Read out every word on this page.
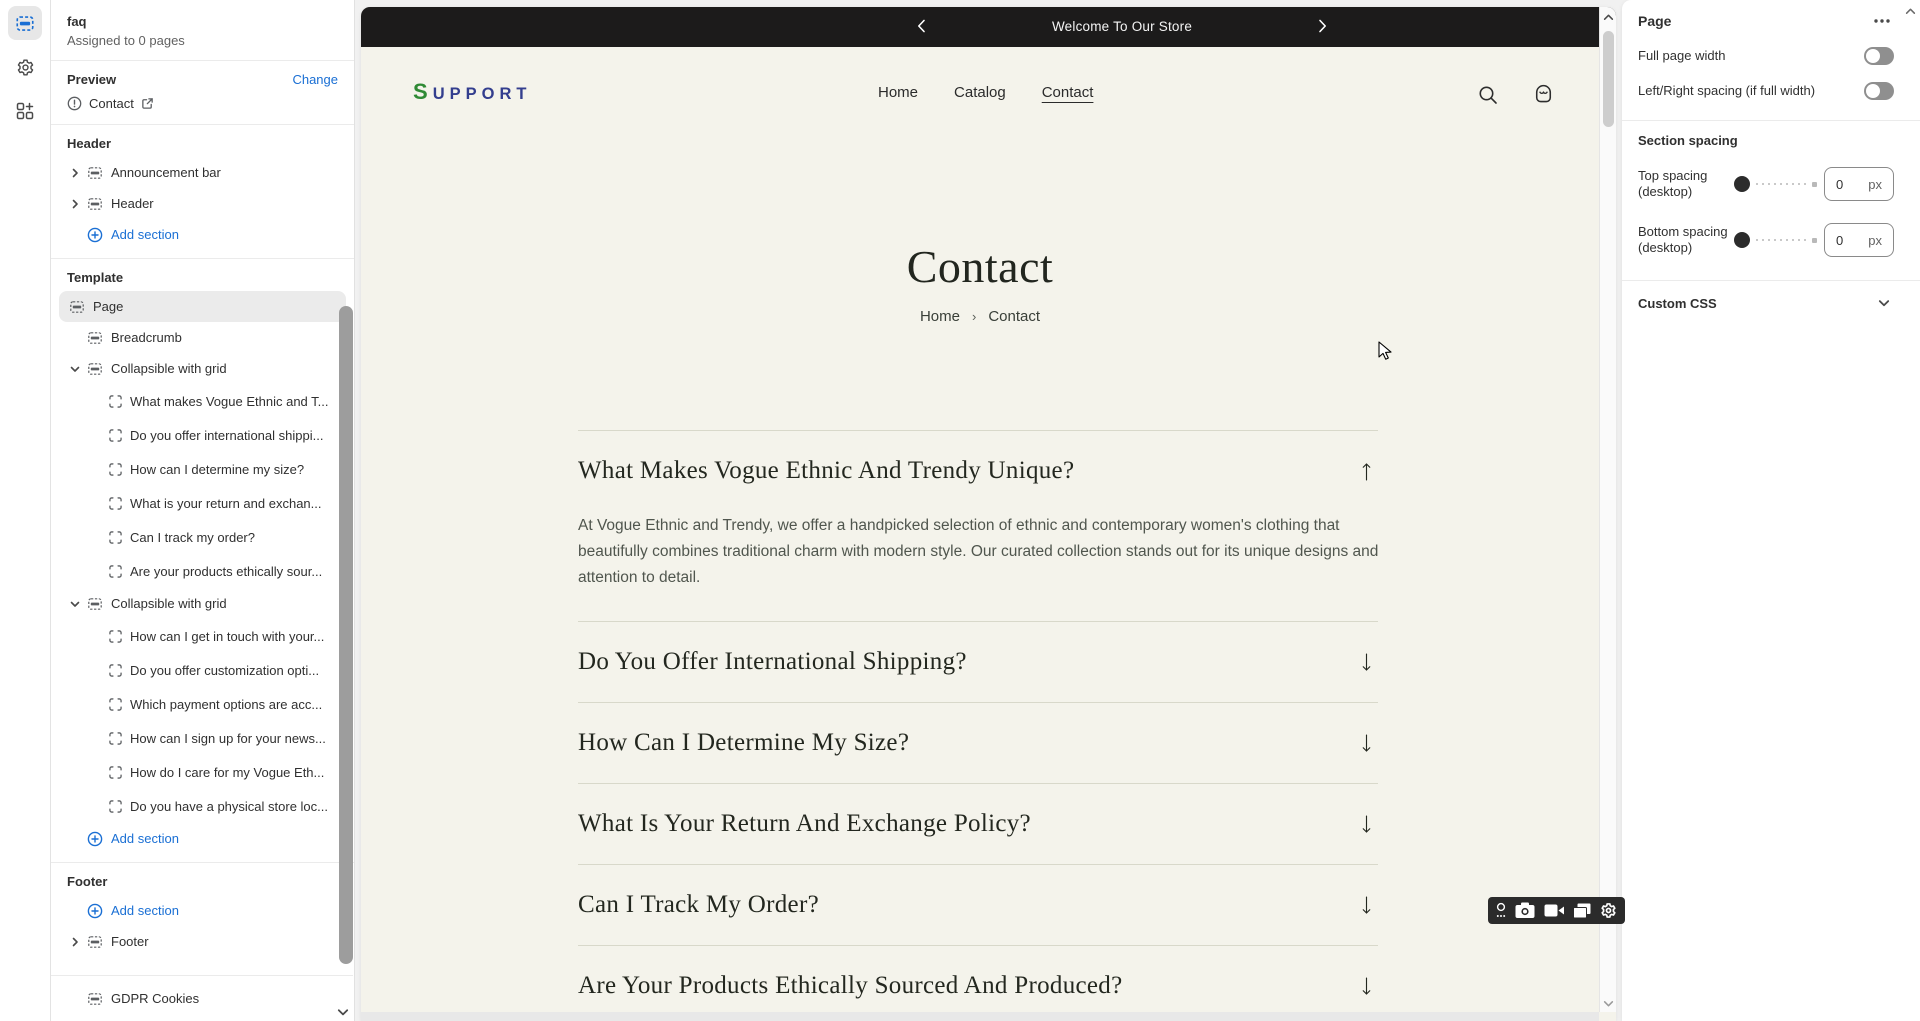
faq
Assigned to 0 pages
Preview	Change
Contact
Header
Announcement bar
Header
Add section
Template
Page
Breadcrumb
Collapsible with grid
What makes Vogue Ethnic and T...
Do you offer international shippi...
How can I determine my size?
What is your return and exchan...
Can I track my order?
Are your products ethically sour...
Collapsible with grid
How can I get in touch with your...
Do you offer customization opti...
Which payment options are acc...
How can I sign up for your news...
How do I care for my Vogue Eth...
Do you have a physical store loc...
Add section
Footer
Add section
Footer
GDPR Cookies
Welcome To Our Store
SUPPORT	Home Catalog Contact
Contact
Home › Contact
What Makes Vogue Ethnic And Trendy Unique?
At Vogue Ethnic and Trendy, we offer a handpicked selection of ethnic and contemporary women's clothing that beautifully combines traditional charm with modern style. Our curated collection stands out for its unique designs and attention to detail.
Do You Offer International Shipping?
How Can I Determine My Size?
What Is Your Return And Exchange Policy?
Can I Track My Order?
Are Your Products Ethically Sourced And Produced?
Page
Full page width
Left/Right spacing (if full width)
Section spacing
Top spacing
(desktop)	0 px
Bottom spacing
(desktop)	0 px
Custom CSS
